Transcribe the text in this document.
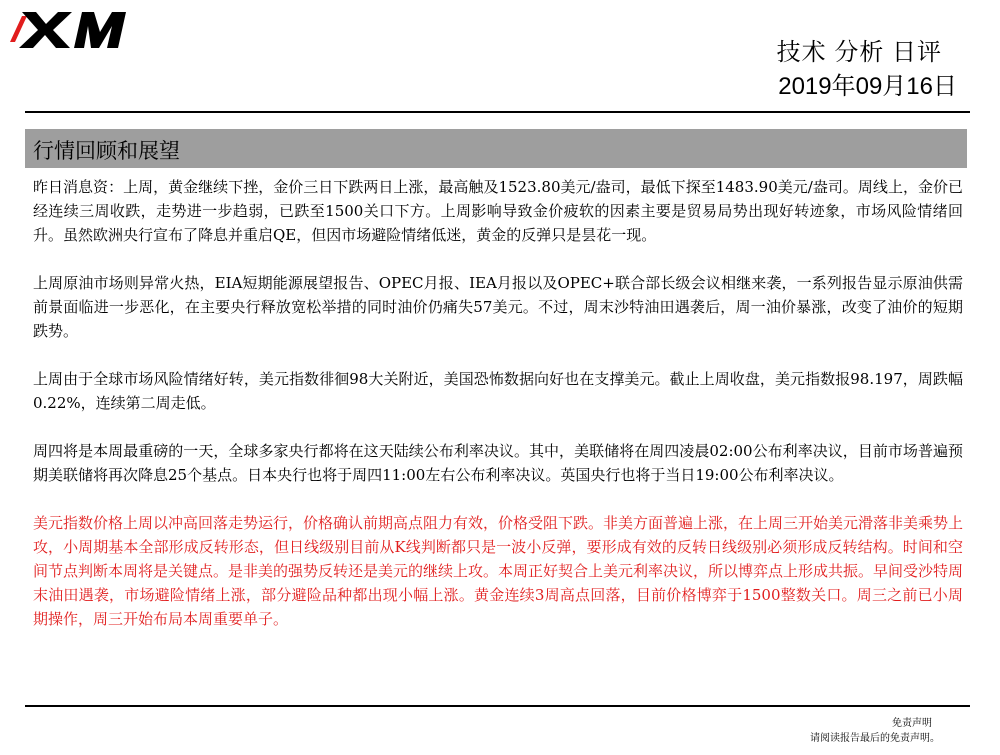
技术 分析 日评
2019年09月16日
行情回顾和展望

昨日消息资：上周，黄金继续下挫，金价三日下跌两日上涨，最高触及1523.80美元/盎司，最低下探至1483.90美元/盎司。周线上，金价已经连续三周收跌，走势进一步趋弱，已跌至1500关口下方。上周影响导致金价疲软的因素主要是贸易局势出现好转迹象，市场风险情绪回升。虽然欧洲央行宣布了降息并重启QE，但因市场避险情绪低迷，黄金的反弹只是昙花一现。

上周原油市场则异常火热，EIA短期能源展望报告、OPEC月报、IEA月报以及OPEC+联合部长级会议相继来袭，一系列报告显示原油供需前景面临进一步恶化，在主要央行释放宽松举措的同时油价仍痛失57美元。不过，周末沙特油田遇袭后，周一油价暴涨，改变了油价的短期跌势。

上周由于全球市场风险情绪好转，美元指数徘徊98大关附近，美国恐怖数据向好也在支撑美元。截止上周收盘，美元指数报98.197，周跌幅0.22%，连续第二周走低。

周四将是本周最重磅的一天，全球多家央行都将在这天陆续公布利率决议。其中，美联储将在周四凌晨02:00公布利率决议，目前市场普遍预期美联储将再次降息25个基点。日本央行也将于周四11:00左右公布利率决议。英国央行也将于当日19:00公布利率决议。

美元指数价格上周以冲高回落走势运行，价格确认前期高点阻力有效，价格受阻下跌。非美方面普遍上涨，在上周三开始美元滑落非美乘势上攻，小周期基本全部形成反转形态，但日线级别目前从K线判断都只是一波小反弹，要形成有效的反转日线级别必须形成反转结构。时间和空间节点判断本周将是关键点。是非美的强势反转还是美元的继续上攻。本周正好契合上美元利率决议，所以博弈点上形成共振。早间受沙特周末油田遇袭，市场避险情绪上涨，部分避险品种都出现小幅上涨。黄金连续3周高点回落，目前价格博弈于1500整数关口。周三之前已小周期操作，周三开始布局本周重要单子。

免责声明
请阅读报告最后的免责声明。
